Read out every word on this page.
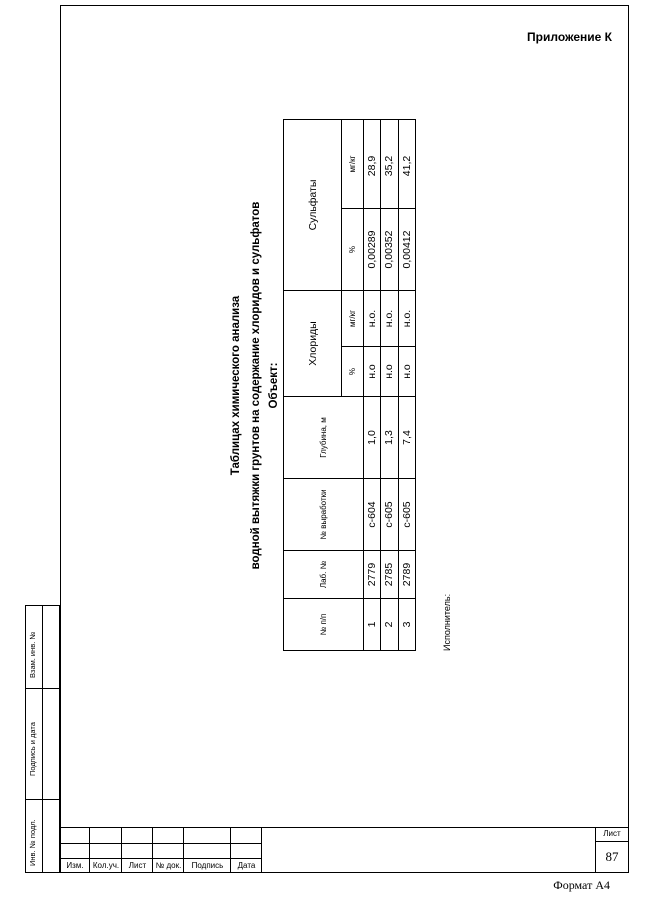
Приложение К
Таблицах химического анализа водной вытяжки грунтов на содержание хлоридов и сульфатов Объект:
№ п/п	Лаб. №	№ выработки	Глубина, м	Хлориды		Сульфаты	
				%	мг/кг	%	мг/кг
1	2779	с-604	1,0	н.о	н.о.	0,00289	28,9
2	2785	с-605	1,3	н.о	н.о.	0,00352	35,2
3	2789	с-605	7,4	н.о	н.о.	0,00412	41,2
Исполнитель:
Взам. инв. №
Подпись и дата
Инв. № подл.	Изм.	Кол.уч.	Лист	№ док.	Подпись	Дата
Лист
87
Формат А4
